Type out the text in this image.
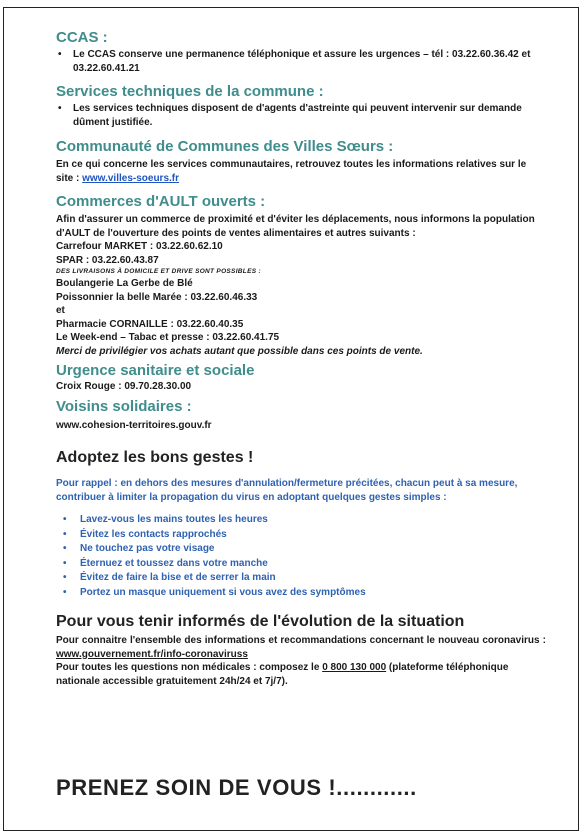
CCAS :
• Le CCAS conserve une permanence téléphonique et assure les urgences – tél : 03.22.60.36.42 et 03.22.60.41.21
Services techniques de la commune :
• Les services techniques disposent de d'agents d'astreinte qui peuvent intervenir sur demande dûment justifiée.
Communauté de Communes des Villes Sœurs :

En ce qui concerne les services communautaires, retrouvez toutes les informations relatives sur le site : www.villes-soeurs.fr

Commerces d'AULT ouverts :

Afin d'assurer un commerce de proximité et d'éviter les déplacements, nous informons la population d'AULT de l'ouverture des points de ventes alimentaires et autres suivants :

Carrefour MARKET : 03.22.60.62.10

SPAR : 03.22.60.43.87

DES LIVRAISONS À DOMICILE ET DRIVE SONT POSSIBLES :

Boulangerie La Gerbe de Blé

Poissonnier la belle Marée : 03.22.60.46.33

et

Pharmacie CORNAILLE : 03.22.60.40.35

Le Week-end – Tabac et presse : 03.22.60.41.75

Merci de privilégier vos achats autant que possible dans ces points de vente.

Urgence sanitaire et sociale

Croix Rouge : 09.70.28.30.00

Voisins solidaires :

www.cohesion-territoires.gouv.fr

Adoptez les bons gestes !

Pour rappel : en dehors des mesures d'annulation/fermeture précitées, chacun peut à sa mesure, contribuer à limiter la propagation du virus en adoptant quelques gestes simples :

• Lavez-vous les mains toutes les heures
• Évitez les contacts rapprochés
• Ne touchez pas votre visage
• Éternuez et toussez dans votre manche
• Évitez de faire la bise et de serrer la main
• Portez un masque uniquement si vous avez des symptômes
Pour vous tenir informés de l'évolution de la situation

Pour connaitre l'ensemble des informations et recommandations concernant le nouveau coronavirus : www.gouvernement.fr/info-coronaviruss

Pour toutes les questions non médicales : composez le 0 800 130 000 (plateforme téléphonique nationale accessible gratuitement 24h/24 et 7j/7).

PRENEZ SOIN DE VOUS !............
